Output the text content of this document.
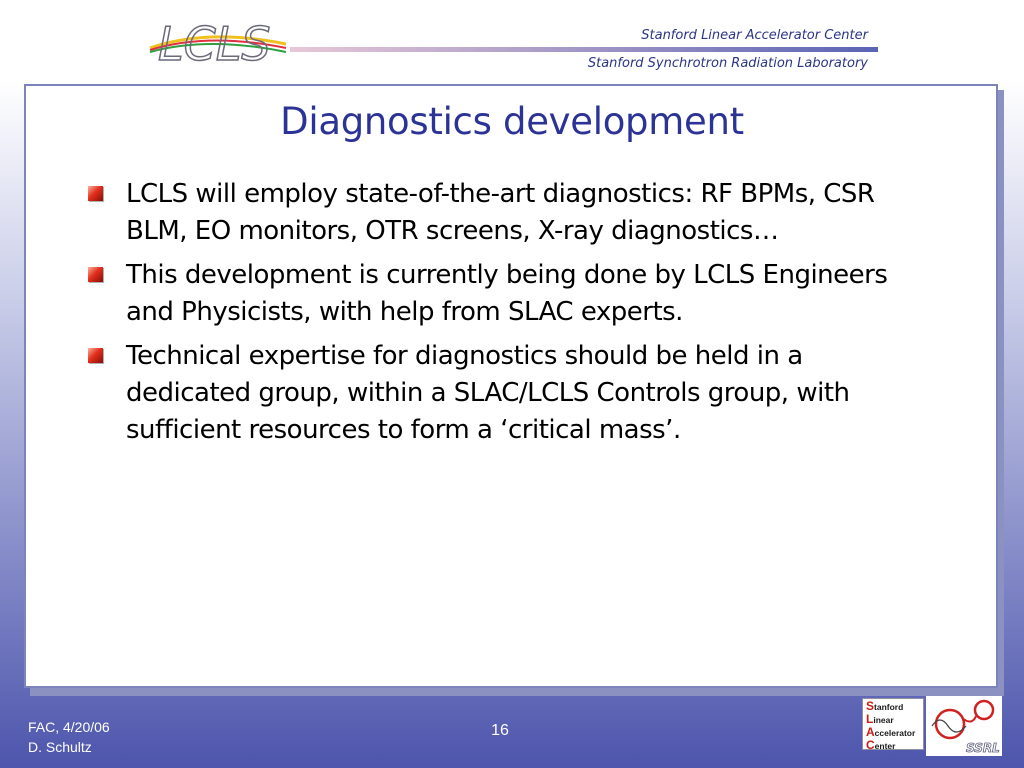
LCLS	Stanford Linear Accelerator Center
Stanford Synchrotron Radiation Laboratory
Diagnostics development
LCLS will employ state-of-the-art diagnostics: RF BPMs, CSR BLM, EO monitors, OTR screens, X-ray diagnostics…
This development is currently being done by LCLS Engineers and Physicists, with help from SLAC experts.
Technical expertise for diagnostics should be held in a dedicated group, within a SLAC/LCLS Controls group, with sufficient resources to form a ‘critical mass’.
FAC, 4/20/06
D. Schultz
16
Stanford
Linear
Accelerator
Center	SSRL
